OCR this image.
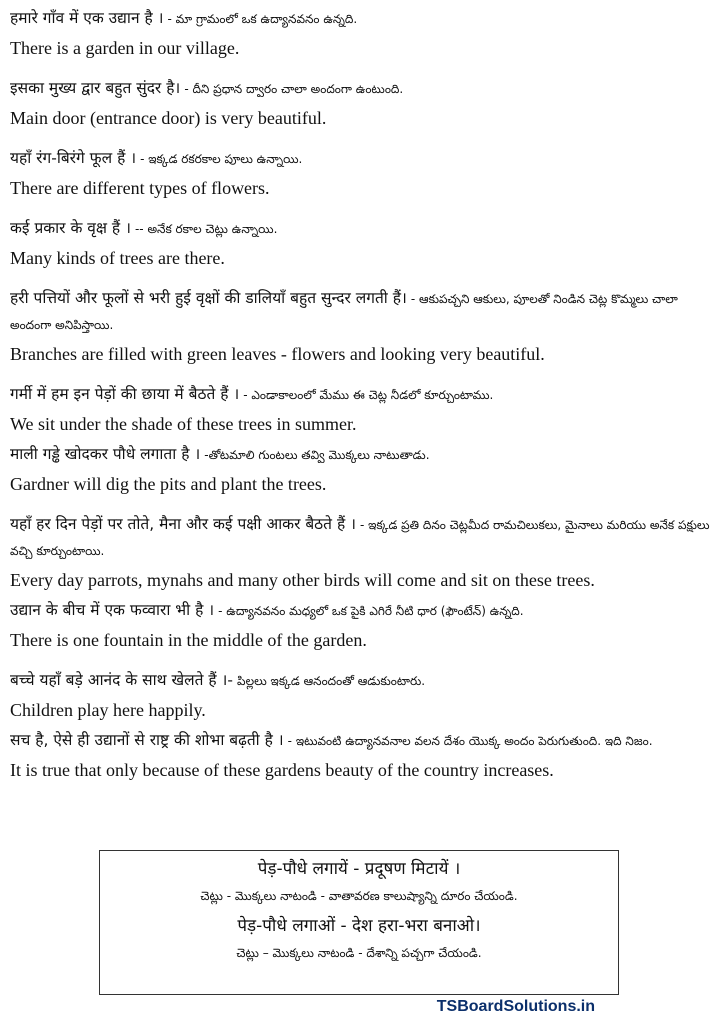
हमारे गाँव में एक उद्यान है । - మా గ్రామంలో ఒక ఉద్యానవనం ఉన్నది.
There is a garden in our village.
इसका मुख्य द्वार बहुत सुंदर है। - దీని ప్రధాన ద్వారం చాలా అందంగా ఉంటుంది.
Main door (entrance door) is very beautiful.
यहाँ रंग-बिरंगे फूल हैं । - ఇక్కడ రకరకాల పూలు ఉన్నాయి.
There are different types of flowers.
कई प्रकार के वृक्ष हैं । -- అనేక రకాల చెట్లు ఉన్నాయి.
Many kinds of trees are there.
हरी पत्तियों और फूलों से भरी हुई वृक्षों की डालियाँ बहुत सुन्दर लगती हैं। - ఆకుపచ్చని ఆకులు, పూలతో నిండిన చెట్ల కొమ్మలు చాలా అందంగా అనిపిస్తాయి.
Branches are filled with green leaves - flowers and looking very beautiful.
गर्मी में हम इन पेड़ों की छाया में बैठते हैं । - ఎండాకాలంలో మేము ఈ చెట్ల నీడలో కూర్చుంటాము.
We sit under the shade of these trees in summer.
माली गड्ढे खोदकर पौधे लगाता है । -తోటమాలి గుంటలు తవ్వి మొక్కలు నాటుతాడు.
Gardner will dig the pits and plant the trees.
यहाँ हर दिन पेड़ों पर तोते, मैना और कई पक्षी आकर बैठते हैं । - ఇక్కడ ప్రతి దినం చెట్లమీద రామచిలుకలు, మైనాలు మరియు అనేక పక్షులు వచ్చి కూర్చుంటాయి.
Every day parrots, mynahs and many other birds will come and sit on these trees.
उद्यान के बीच में एक फव्वारा भी है । - ఉద్యానవనం మధ్యలో ఒక పైకి ఎగిరే నీటి ధార (ఫౌంటేన్) ఉన్నది.
There is one fountain in the middle of the garden.
बच्चे यहाँ बड़े आनंद के साथ खेलते हैं ।- పిల్లలు ఇక్కడ ఆనందంతో ఆడుకుంటారు.
Children play here happily.
सच है, ऐसे ही उद्यानों से राष्ट्र की शोभा बढ़ती है । - ఇటువంటి ఉద్యానవనాల వలన దేశం యొక్క అందం పెరుగుతుంది. ఇది నిజం.
It is true that only because of these gardens beauty of the country increases.
पेड़-पौधे लगायें - प्रदूषण मिटायें ।
చెట్లు - మొక్కలు నాటండి - వాతావరణ కాలుష్యాన్ని దూరం చేయండి.
पेड़-पौधे लगाओं - देश हरा-भरा बनाओ।
చెట్లు – మొక్కలు నాటండి - దేశాన్ని పచ్చగా చేయండి.
TSBoardSolutions.in
